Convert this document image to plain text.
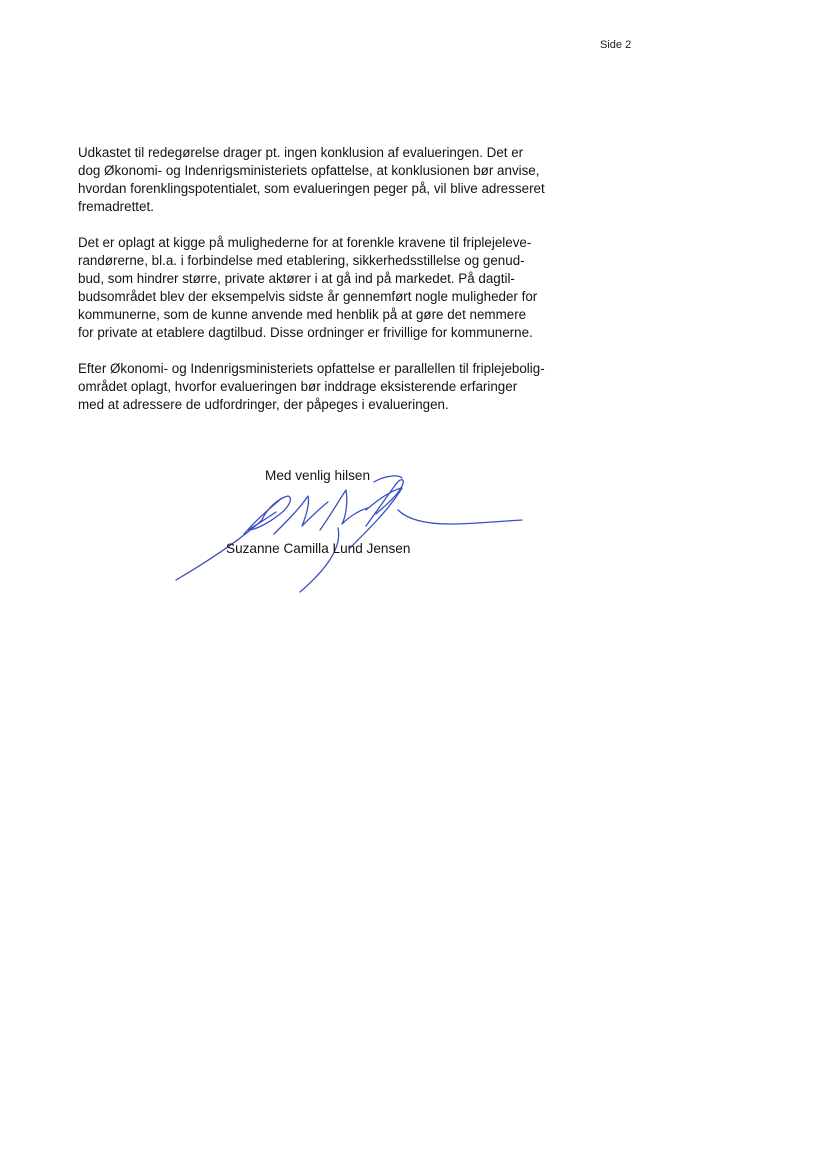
Side 2

Udkastet til redegørelse drager pt. ingen konklusion af evalueringen. Det er
dog Økonomi- og Indenrigsministeriets opfattelse, at konklusionen bør anvise,
hvordan forenklingspotentialet, som evalueringen peger på, vil blive adresseret
fremadrettet.

Det er oplagt at kigge på mulighederne for at forenkle kravene til friplejeleve-
randørerne, bl.a. i forbindelse med etablering, sikkerhedsstillelse og genud-
bud, som hindrer større, private aktører i at gå ind på markedet. På dagtil-
budsområdet blev der eksempelvis sidste år gennemført nogle muligheder for
kommunerne, som de kunne anvende med henblik på at gøre det nemmere
for private at etablere dagtilbud. Disse ordninger er frivillige for kommunerne.

Efter Økonomi- og Indenrigsministeriets opfattelse er parallellen til friplejebolig-
området oplagt, hvorfor evalueringen bør inddrage eksisterende erfaringer
med at adressere de udfordringer, der påpeges i evalueringen.

Med venlig hilsen
Suzanne Camilla Lund Jensen
